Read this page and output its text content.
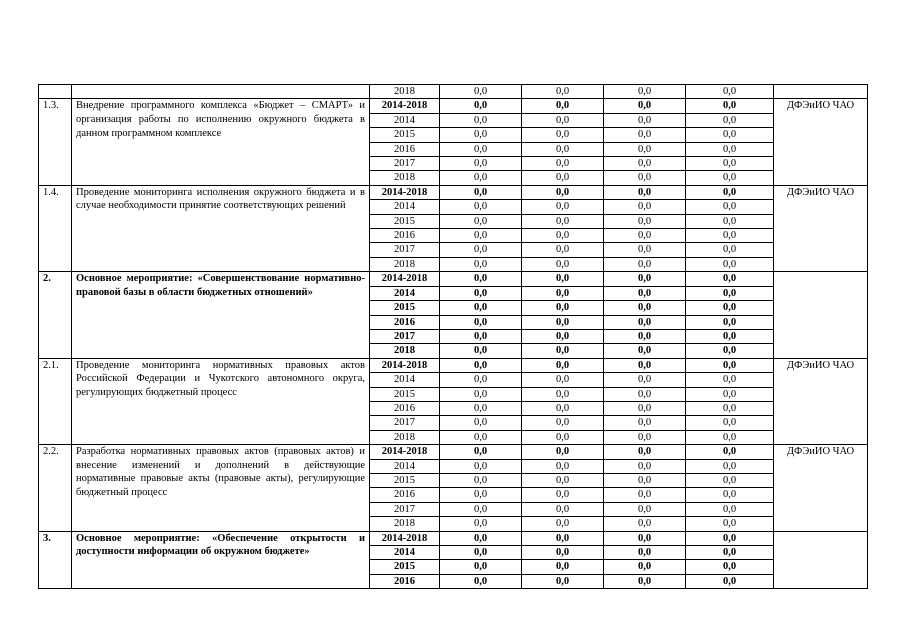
		2018	0,0	0,0	0,0	0,0	
1.3.	Внедрение программного комплекса «Бюджет – СМАРТ» и организация работы по исполнению окружного бюджета в данном программном комплексе	2014-2018	0,0	0,0	0,0	0,0	ДФЭиИО ЧАО
		2014	0,0	0,0	0,0	0,0	
		2015	0,0	0,0	0,0	0,0	
		2016	0,0	0,0	0,0	0,0	
		2017	0,0	0,0	0,0	0,0	
		2018	0,0	0,0	0,0	0,0	
1.4.	Проведение мониторинга исполнения окружного бюджета и в случае необходимости принятие соответствующих решений	2014-2018	0,0	0,0	0,0	0,0	ДФЭиИО ЧАО
		2014	0,0	0,0	0,0	0,0	
		2015	0,0	0,0	0,0	0,0	
		2016	0,0	0,0	0,0	0,0	
		2017	0,0	0,0	0,0	0,0	
		2018	0,0	0,0	0,0	0,0	
2.	Основное мероприятие: «Совершенствование нормативно-правовой базы в области бюджетных отношений»	2014-2018	0,0	0,0	0,0	0,0	
		2014	0,0	0,0	0,0	0,0	
		2015	0,0	0,0	0,0	0,0	
		2016	0,0	0,0	0,0	0,0	
		2017	0,0	0,0	0,0	0,0	
		2018	0,0	0,0	0,0	0,0	
2.1.	Проведение мониторинга нормативных правовых актов Российской Федерации и Чукотского автономного округа, регулирующих бюджетный процесс	2014-2018	0,0	0,0	0,0	0,0	ДФЭиИО ЧАО
		2014	0,0	0,0	0,0	0,0	
		2015	0,0	0,0	0,0	0,0	
		2016	0,0	0,0	0,0	0,0	
		2017	0,0	0,0	0,0	0,0	
		2018	0,0	0,0	0,0	0,0	
2.2.	Разработка нормативных правовых актов (правовых актов) и внесение изменений и дополнений в действующие нормативные правовые акты (правовые акты), регулирующие бюджетный процесс	2014-2018	0,0	0,0	0,0	0,0	ДФЭиИО ЧАО
		2014	0,0	0,0	0,0	0,0	
		2015	0,0	0,0	0,0	0,0	
		2016	0,0	0,0	0,0	0,0	
		2017	0,0	0,0	0,0	0,0	
		2018	0,0	0,0	0,0	0,0	
3.	Основное мероприятие: «Обеспечение открытости и доступности информации об окружном бюджете»	2014-2018	0,0	0,0	0,0	0,0	
		2014	0,0	0,0	0,0	0,0	
		2015	0,0	0,0	0,0	0,0	
		2016	0,0	0,0	0,0	0,0	
